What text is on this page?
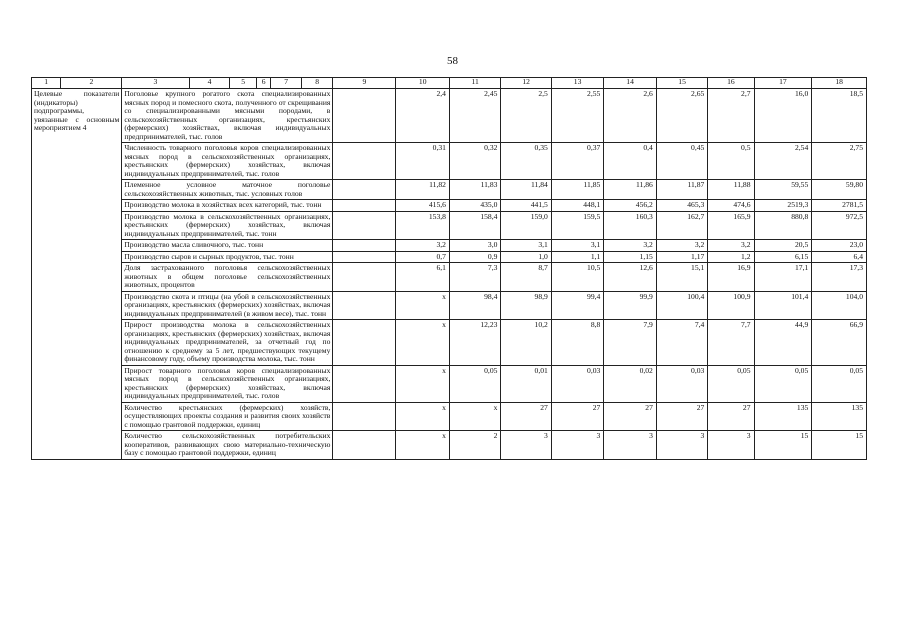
58
1	2	3	4	5	6	7	8	9	10	11	12	13	14	15	16	17	18
Целевые показатели (индикаторы) подпрограммы, увязанные с основным мероприятием 4		Поголовье крупного рогатого скота специализированных мясных пород и помесного скота, полученного от скрещивания со специализированными мясными породами, в сельскохозяйственных организациях, крестьянских (фермерских) хозяйствах, включая индивидуальных предпринимателей, тыс. голов							2,4	2,45	2,5	2,55	2,6	2,65	2,7	16,0	18,5
		Численность товарного поголовья коров специализированных мясных пород в сельскохозяйственных организациях, крестьянских (фермерских) хозяйствах, включая индивидуальных предпринимателей, тыс. голов							0,31	0,32	0,35	0,37	0,4	0,45	0,5	2,54	2,75
		Племенное условное маточное поголовье сельскохозяйственных животных, тыс. условных голов							11,82	11,83	11,84	11,85	11,86	11,87	11,88	59,55	59,80
		Производство молока в хозяйствах всех категорий, тыс. тонн							415,6	435,0	441,5	448,1	456,2	465,3	474,6	2519,3	2781,5
		Производство молока в сельскохозяйственных организациях, крестьянских (фермерских) хозяйствах, включая индивидуальных предпринимателей, тыс. тонн							153,8	158,4	159,0	159,5	160,3	162,7	165,9	880,8	972,5
		Производство масла сливочного, тыс. тонн							3,2	3,0	3,1	3,1	3,2	3,2	3,2	20,5	23,0
		Производство сыров и сырных продуктов, тыс. тонн							0,7	0,9	1,0	1,1	1,15	1,17	1,2	6,15	6,4
		Доля застрахованного поголовья сельскохозяйственных животных в общем поголовье сельскохозяйственных животных, процентов							6,1	7,3	8,7	10,5	12,6	15,1	16,9	17,1	17,3
		Производство скота и птицы (на убой в сельскохозяйственных организациях, крестьянских (фермерских) хозяйствах, включая индивидуальных предпринимателей (в живом весе), тыс. тонн							х	98,4	98,9	99,4	99,9	100,4	100,9	101,4	104,0
		Прирост производства молока в сельскохозяйственных организациях, крестьянских (фермерских) хозяйствах, включая индивидуальных предпринимателей, за отчетный год по отношению к среднему за 5 лет, предшествующих текущему финансовому году, объему производства молока, тыс. тонн							х	12,23	10,2	8,8	7,9	7,4	7,7	44,9	66,9
		Прирост товарного поголовья коров специализированных мясных пород в сельскохозяйственных организациях, крестьянских (фермерских) хозяйствах, включая индивидуальных предпринимателей, тыс. голов							х	0,05	0,01	0,03	0,02	0,03	0,05	0,05	0,05
		Количество крестьянских (фермерских) хозяйств, осуществляющих проекты создания и развития своих хозяйств с помощью грантовой поддержки, единиц							х	х	27	27	27	27	27	135	135
		Количество сельскохозяйственных потребительских кооперативов, развивающих свою материально-техническую базу с помощью грантовой поддержки, единиц							х	2	3	3	3	3	3	15	15
